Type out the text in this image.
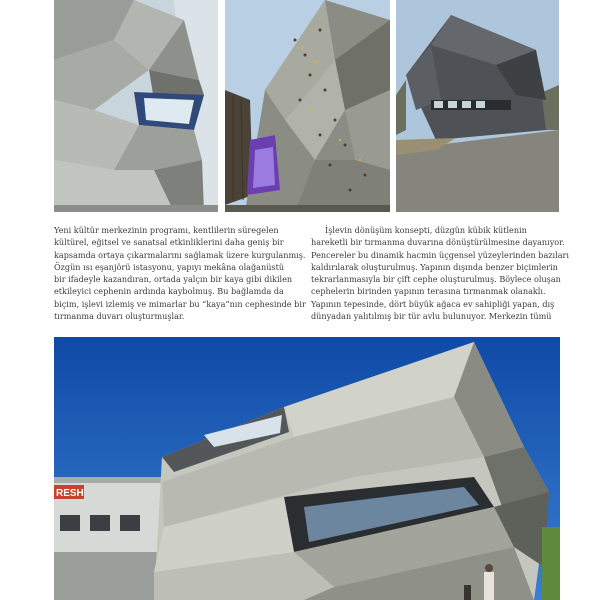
Yeni kültür merkezinin programı, kentlilerin süregelen
kültürel, eğitsel ve sanatsal etkinliklerini daha geniş bir
kapsamda ortaya çıkarmalarını sağlamak üzere kurgulanmış.
Özgün ısı eşanjörü istasyonu, yapıyı mekâna olağanüstü
bir ifadeyle kazandıran, ortada yalçın bir kaya gibi dikilen
etkileyici cephenin ardında kaybolmuş. Bu bağlamda da
biçim, işlevi izlemiş ve mimarlar bu “kaya”nın cephesinde bir
tırmanma duvarı oluşturmuşlar.
İşlevin dönüşüm konsepti, düzgün kübik kütlenin
hareketli bir tırmanma duvarına dönüştürülmesine dayanıyor.
Pencereler bu dinamik hacmin üçgensel yüzeylerinden bazıları
kaldırılarak oluşturulmuş. Yapının dışında benzer biçimlerin
tekrarlanmasıyla bir çift cephe oluşturulmuş. Böylece oluşan
cephelerin birinden yapının terasına tırmanmak olanaklı.
Yapının tepesinde, dört büyük ağaca ev sahipliği yapan, dış
dünyadan yalıtılmış bir tür avlu bulunuyor. Merkezin tümü
RESH
